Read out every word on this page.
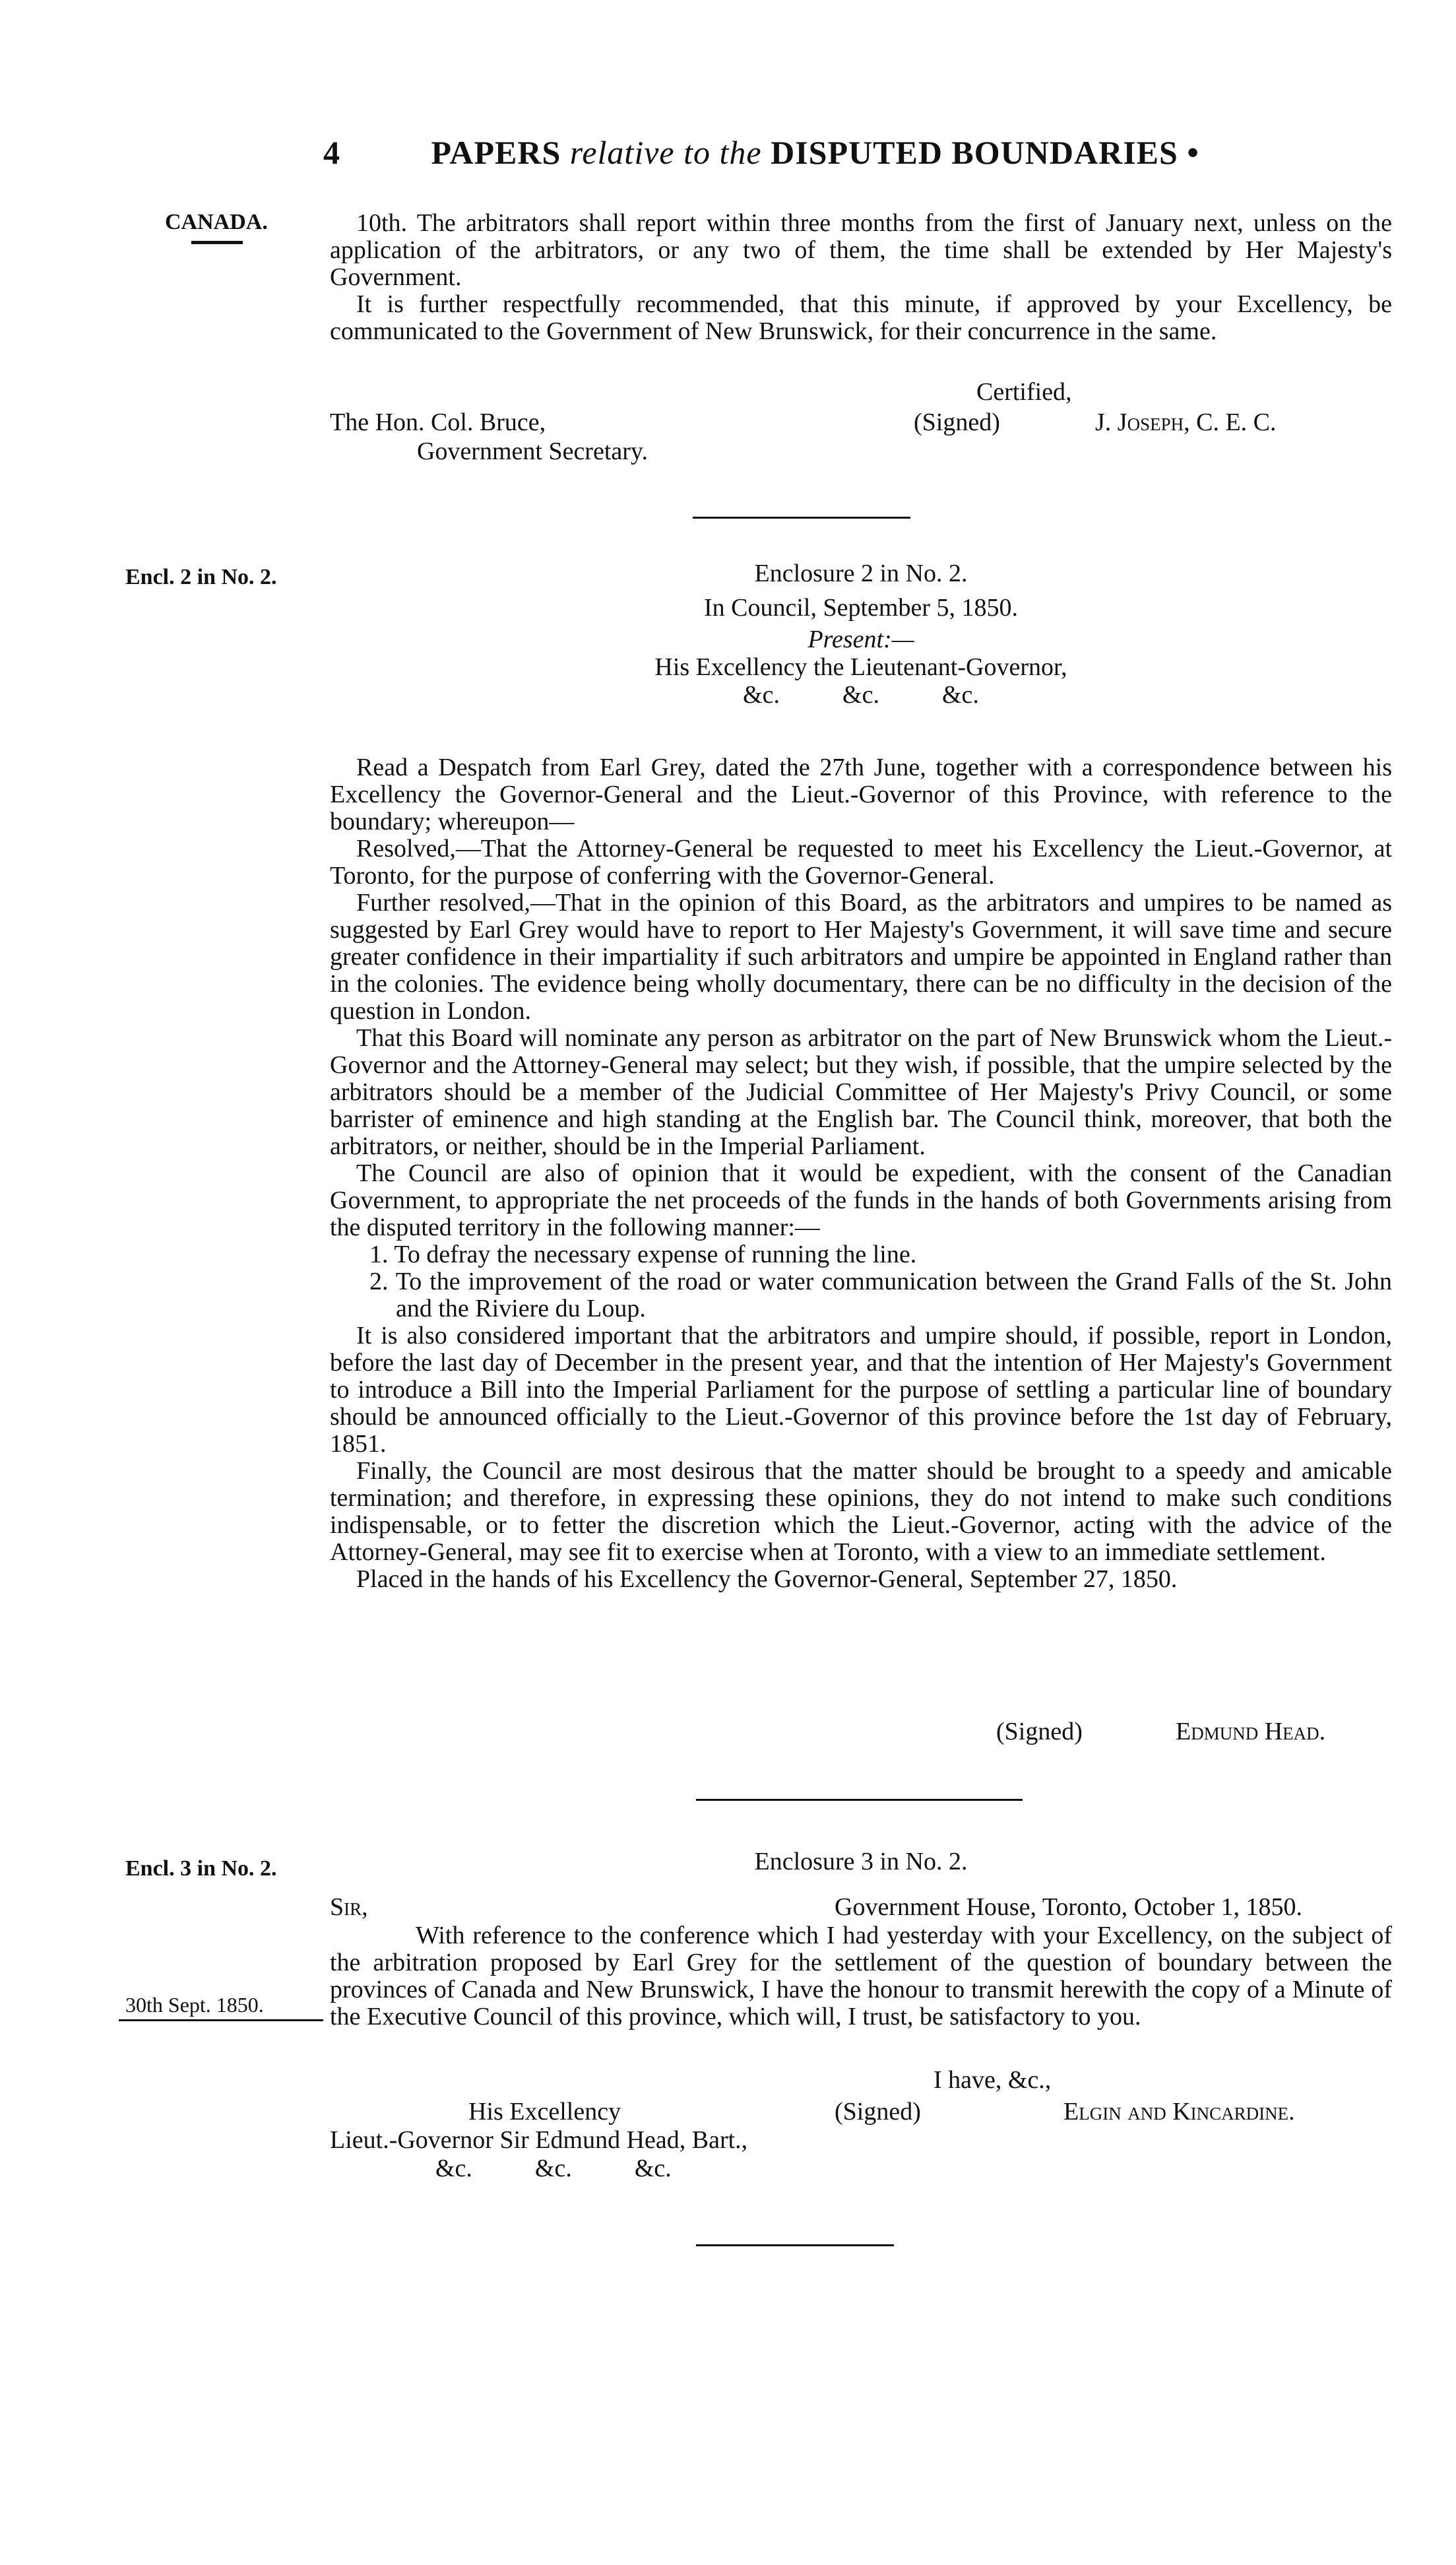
4	PAPERS relative to the DISPUTED BOUNDARIES •
CANADA.
Encl. 2 in No. 2.
Encl. 3 in No. 2.
30th Sept. 1850.

10th. The arbitrators shall report within three months from the first of January next, unless on the application of the arbitrators, or any two of them, the time shall be extended by Her Majesty's Government.

It is further respectfully recommended, that this minute, if approved by your Excellency, be communicated to the Government of New Brunswick, for their concurrence in the same.

Certified,
The Hon. Col. Bruce,	(Signed)	J. Joseph, C. E. C.
Government Secretary.
Enclosure 2 in No. 2.
In Council, September 5, 1850.
Present:—
His Excellency the Lieutenant-Governor,
&c.          &c.          &c.

Read a Despatch from Earl Grey, dated the 27th June, together with a correspondence between his Excellency the Governor-General and the Lieut.-Governor of this Province, with reference to the boundary; whereupon—

Resolved,—That the Attorney-General be requested to meet his Excellency the Lieut.-Governor, at Toronto, for the purpose of conferring with the Governor-General.

Further resolved,—That in the opinion of this Board, as the arbitrators and umpires to be named as suggested by Earl Grey would have to report to Her Majesty's Government, it will save time and secure greater confidence in their impartiality if such arbitrators and umpire be appointed in England rather than in the colonies. The evidence being wholly documentary, there can be no difficulty in the decision of the question in London.

That this Board will nominate any person as arbitrator on the part of New Brunswick whom the Lieut.-Governor and the Attorney-General may select; but they wish, if possible, that the umpire selected by the arbitrators should be a member of the Judicial Committee of Her Majesty's Privy Council, or some barrister of eminence and high standing at the English bar. The Council think, moreover, that both the arbitrators, or neither, should be in the Imperial Parliament.

The Council are also of opinion that it would be expedient, with the consent of the Canadian Government, to appropriate the net proceeds of the funds in the hands of both Governments arising from the disputed territory in the following manner:—

1. To defray the necessary expense of running the line.

2. To the improvement of the road or water communication between the Grand Falls of the St. John and the Riviere du Loup.

It is also considered important that the arbitrators and umpire should, if possible, report in London, before the last day of December in the present year, and that the intention of Her Majesty's Government to introduce a Bill into the Imperial Parliament for the purpose of settling a particular line of boundary should be announced officially to the Lieut.-Governor of this province before the 1st day of February, 1851.

Finally, the Council are most desirous that the matter should be brought to a speedy and amicable termination; and therefore, in expressing these opinions, they do not intend to make such conditions indispensable, or to fetter the discretion which the Lieut.-Governor, acting with the advice of the Attorney-General, may see fit to exercise when at Toronto, with a view to an immediate settlement.

Placed in the hands of his Excellency the Governor-General, September 27, 1850.

(Signed)	Edmund Head.
Enclosure 3 in No. 2.
Sir,	Government House, Toronto, October 1, 1850.

With reference to the conference which I had yesterday with your Excellency, on the subject of the arbitration proposed by Earl Grey for the settlement of the question of boundary between the provinces of Canada and New Brunswick, I have the honour to transmit herewith the copy of a Minute of the Executive Council of this province, which will, I trust, be satisfactory to you.

I have, &c.,
His Excellency	(Signed)	Elgin and Kincardine.
Lieut.-Governor Sir Edmund Head, Bart.,
&c.          &c.          &c.
